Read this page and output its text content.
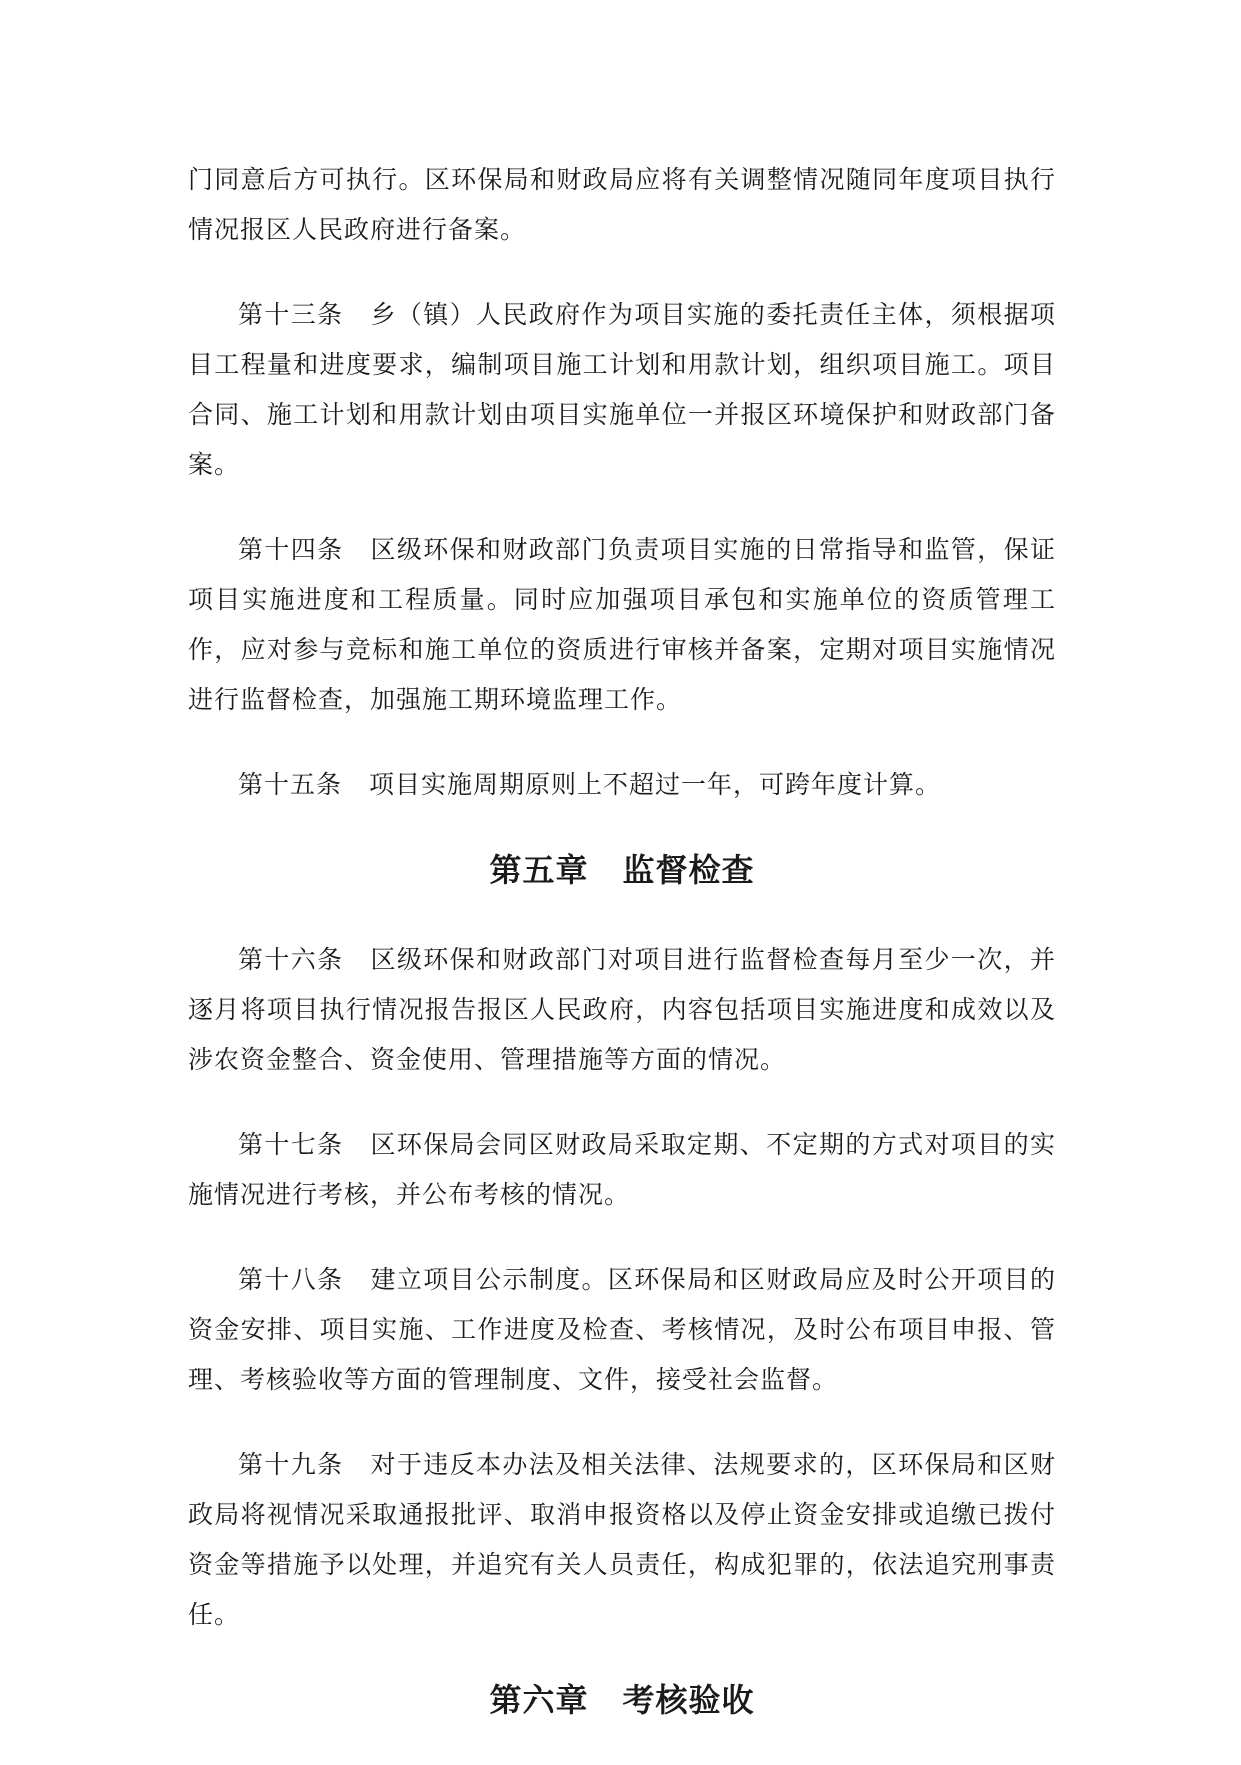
门同意后方可执行。区环保局和财政局应将有关调整情况随同年度项目执行情况报区人民政府进行备案。

第十三条 乡（镇）人民政府作为项目实施的委托责任主体，须根据项目工程量和进度要求，编制项目施工计划和用款计划，组织项目施工。项目合同、施工计划和用款计划由项目实施单位一并报区环境保护和财政部门备案。

第十四条 区级环保和财政部门负责项目实施的日常指导和监管，保证项目实施进度和工程质量。同时应加强项目承包和实施单位的资质管理工作，应对参与竞标和施工单位的资质进行审核并备案，定期对项目实施情况进行监督检查，加强施工期环境监理工作。

第十五条 项目实施周期原则上不超过一年，可跨年度计算。

第五章 监督检查

第十六条 区级环保和财政部门对项目进行监督检查每月至少一次，并逐月将项目执行情况报告报区人民政府，内容包括项目实施进度和成效以及涉农资金整合、资金使用、管理措施等方面的情况。

第十七条 区环保局会同区财政局采取定期、不定期的方式对项目的实施情况进行考核，并公布考核的情况。

第十八条 建立项目公示制度。区环保局和区财政局应及时公开项目的资金安排、项目实施、工作进度及检查、考核情况，及时公布项目申报、管理、考核验收等方面的管理制度、文件，接受社会监督。

第十九条 对于违反本办法及相关法律、法规要求的，区环保局和区财政局将视情况采取通报批评、取消申报资格以及停止资金安排或追缴已拨付资金等措施予以处理，并追究有关人员责任，构成犯罪的，依法追究刑事责任。

第六章 考核验收
